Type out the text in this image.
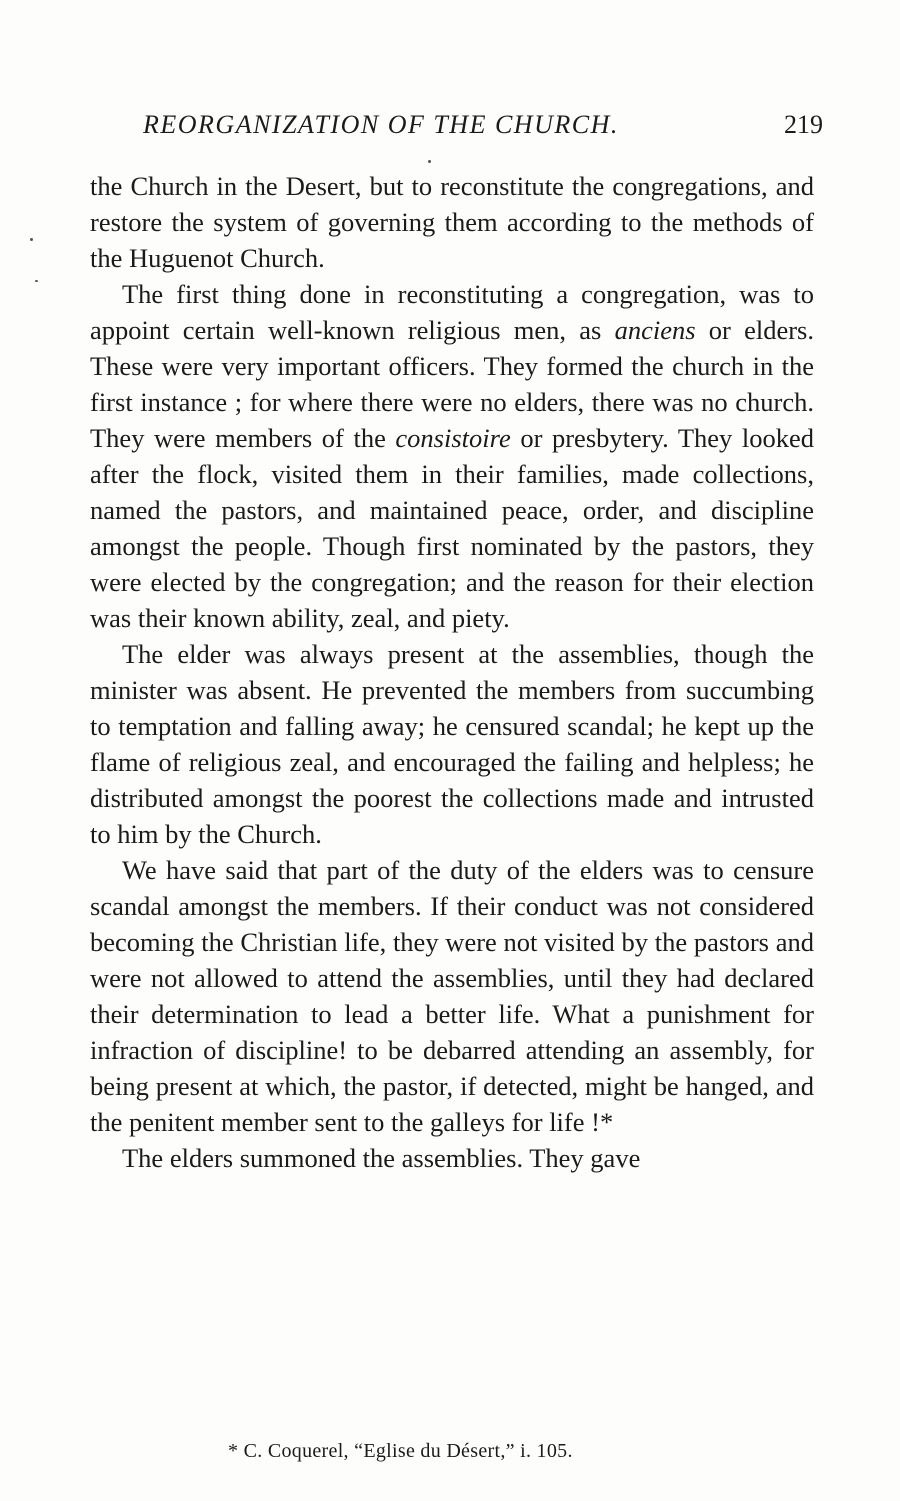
REORGANIZATION OF THE CHURCH.	219

the Church in the Desert, but to reconstitute the congregations, and restore the system of governing them according to the methods of the Huguenot Church.

The first thing done in reconstituting a congregation, was to appoint certain well-known religious men, as anciens or elders. These were very important officers. They formed the church in the first instance ; for where there were no elders, there was no church. They were members of the consistoire or presbytery. They looked after the flock, visited them in their families, made collections, named the pastors, and maintained peace, order, and discipline amongst the people. Though first nominated by the pastors, they were elected by the congregation; and the reason for their election was their known ability, zeal, and piety.

The elder was always present at the assemblies, though the minister was absent. He prevented the members from succumbing to temptation and falling away; he censured scandal; he kept up the flame of religious zeal, and encouraged the failing and helpless; he distributed amongst the poorest the collections made and intrusted to him by the Church.

We have said that part of the duty of the elders was to censure scandal amongst the members. If their conduct was not considered becoming the Christian life, they were not visited by the pastors and were not allowed to attend the assemblies, until they had declared their determination to lead a better life. What a punishment for infraction of discipline! to be debarred attending an assembly, for being present at which, the pastor, if detected, might be hanged, and the penitent member sent to the galleys for life !*

The elders summoned the assemblies. They gave

* C. Coquerel, “Eglise du Désert,” i. 105.
